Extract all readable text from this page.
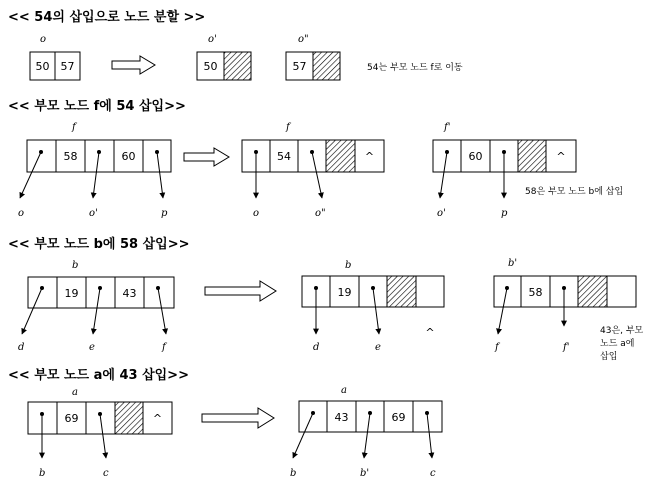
<< 54의 삽입으로 노드 분할 >>
o
50 57
o'
50
o"
57	54는 부모 노드 f로 이동
<< 부모 노드 f에 54 삽입>>
f
58	60
o	o'	p
f
54	^
o	o"
f'
60	^
o'	p
58은 부모 노드 b에 삽입
<< 부모 노드 b에 58 삽입>>
b
19	43
d	e	f
b
19
d	e
^
b'
58
f	f'
43은, 부모
노드 a에
삽입
<< 부모 노드 a에 43 삽입>>
a
69	^
b	c
a
43	69
b	b'	c
